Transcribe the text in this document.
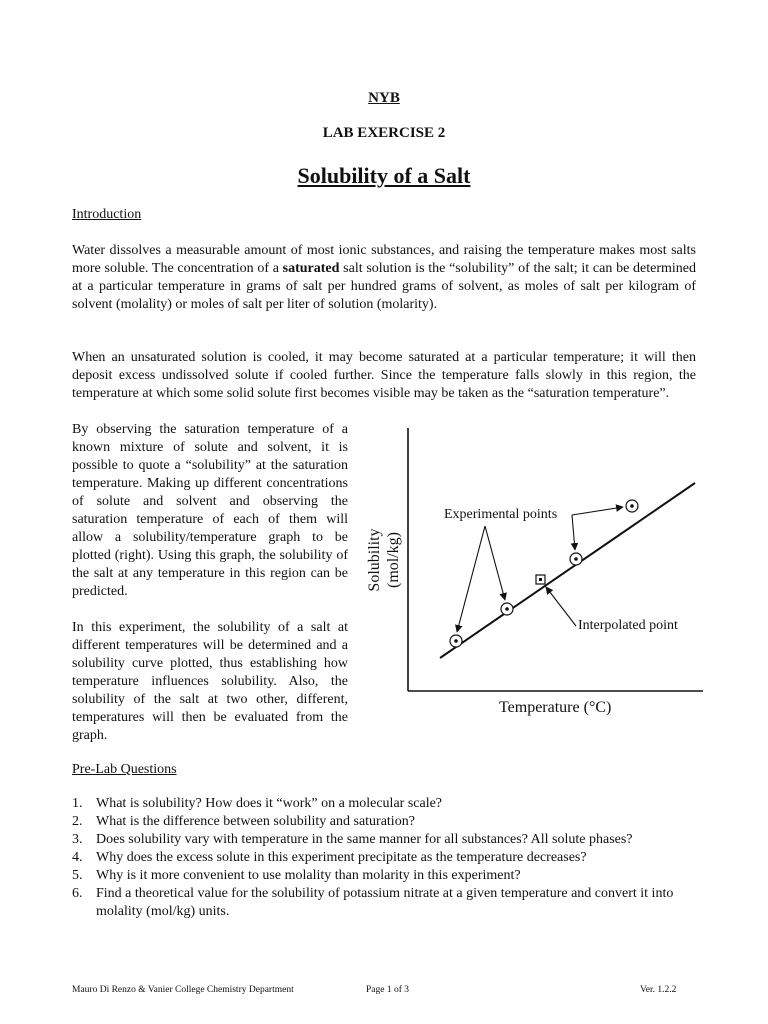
NYB
LAB EXERCISE 2
Solubility of a Salt
Introduction

Water dissolves a measurable amount of most ionic substances, and raising the temperature makes most salts more soluble. The concentration of a saturated salt solution is the “solubility” of the salt; it can be determined at a particular temperature in grams of salt per hundred grams of solvent, as moles of salt per kilogram of solvent (molality) or moles of salt per liter of solution (molarity).

When an unsaturated solution is cooled, it may become saturated at a particular temperature; it will then deposit excess undissolved solute if cooled further. Since the temperature falls slowly in this region, the temperature at which some solid solute first becomes visible may be taken as the “saturation temperature”.

By observing the saturation temperature of a known mixture of solute and solvent, it is possible to quote a “solubility” at the saturation temperature. Making up different concentrations of solute and solvent and observing the saturation temperature of each of them will allow a solubility/temperature graph to be plotted (right). Using this graph, the solubility of the salt at any temperature in this region can be predicted.

In this experiment, the solubility of a salt at different temperatures will be determined and a solubility curve plotted, thus establishing how temperature influences solubility. Also, the solubility of the salt at two other, different, temperatures will then be evaluated from the graph.

Experimental points
Interpolated point
Temperature (°C)
Solubility (mol/kg)
Pre-Lab Questions
1. What is solubility? How does it “work” on a molecular scale?
2. What is the difference between solubility and saturation?
3. Does solubility vary with temperature in the same manner for all substances? All solute phases?
4. Why does the excess solute in this experiment precipitate as the temperature decreases?
5. Why is it more convenient to use molality than molarity in this experiment?
6. Find a theoretical value for the solubility of potassium nitrate at a given temperature and convert it into molality (mol/kg) units.
Mauro Di Renzo & Vanier College Chemistry Department	Page 1 of 3	Ver. 1.2.2
